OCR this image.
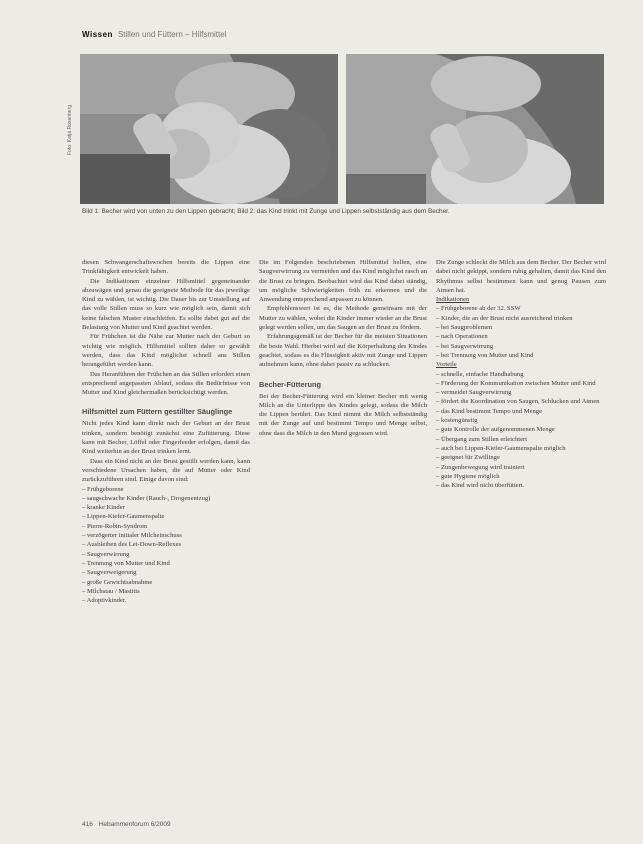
Wissen Stillen und Füttern – Hilfsmittel
Foto: Katja Rosenberg
Bild 1: Becher wird von unten zu den Lippen gebracht; Bild 2: das Kind trinkt mit Zunge und Lippen selbstständig aus dem Becher.

diesen Schwangerschaftswochen bereits die Lippen eine Trinkfähigkeit entwickelt haben.

Die Indikationen einzelner Hilfsmittel gegeneinander abzuwägen und genau die geeignete Methode für das jeweilige Kind zu wählen, ist wichtig. Die Dauer bis zur Umstellung auf das volle Stillen muss so kurz wie möglich sein, damit sich keine falschen Muster einschleifen. Es sollte dabei gut auf die Belastung von Mutter und Kind geachtet werden.

Für Frühchen ist die Nähe zur Mutter nach der Geburt so wichtig wie möglich. Hilfsmittel sollten daher so gewählt werden, dass das Kind möglichst schnell ans Stillen herangeführt werden kann.

Das Heranführen der Frühchen an das Stillen erfordert einen entsprechend angepassten Ablauf, sodass die Bedürfnisse von Mutter und Kind gleichermaßen berücksichtigt werden.

Hilfsmittel zum Füttern gestillter Säuglinge

Nicht jedes Kind kann direkt nach der Geburt an der Brust trinken, sondern benötigt zunächst eine Zufütterung. Diese kann mit Becher, Löffel oder Fingerfeeder erfolgen, damit das Kind weiterhin an der Brust trinken lernt.

Dass ein Kind nicht an der Brust gestillt werden kann, kann verschiedene Ursachen haben, die auf Mutter oder Kind zurückzuführen sind. Einige davon sind:

– Frühgeborene
– saugschwache Kinder (Rauch-, Drogenentzug)
– kranke Kinder
– Lippen-Kiefer-Gaumenspalte
– Pierre-Robin-Syndrom
– verzögerter initialer Milcheinschuss
– Ausbleiben des Let-Down-Reflexes
– Saugverwirrung
– Trennung von Mutter und Kind
– Saugverweigerung
– große Gewichtsabnahme
– Milchstau / Mastitis
– Adoptivkinder.

Die im Folgenden beschriebenen Hilfsmittel helfen, eine Saugverwirrung zu vermeiden und das Kind möglichst rasch an die Brust zu bringen. Beobachtet wird das Kind dabei ständig, um mögliche Schwierigkeiten früh zu erkennen und die Anwendung entsprechend anpassen zu können.

Empfehlenswert ist es, die Methode gemeinsam mit der Mutter zu wählen, wobei die Kinder immer wieder an die Brust gelegt werden sollen, um das Saugen an der Brust zu fördern.

Erfahrungsgemäß ist der Becher für die meisten Situationen die beste Wahl. Hierbei wird auf die Körperhaltung des Kindes geachtet, sodass es die Flüssigkeit aktiv mit Zunge und Lippen aufnehmen kann, ohne dabei passiv zu schlucken.

Becher-Fütterung

Bei der Becher-Fütterung wird ein kleiner Becher mit wenig Milch an die Unterlippe des Kindes gelegt, sodass die Milch die Lippen berührt. Das Kind nimmt die Milch selbstständig mit der Zunge auf und bestimmt Tempo und Menge selbst, ohne dass die Milch in den Mund gegossen wird.

Die Zunge schleckt die Milch aus dem Becher. Der Becher wird dabei nicht gekippt, sondern ruhig gehalten, damit das Kind den Rhythmus selbst bestimmen kann und genug Pausen zum Atmen hat.

Indikationen
– Frühgeborene ab der 32. SSW
– Kinder, die an der Brust nicht ausreichend trinken
– bei Saugproblemen
– nach Operationen
– bei Saugverwirrung
– bei Trennung von Mutter und Kind
Vorteile
– schnelle, einfache Handhabung
– Förderung der Kommunikation zwischen Mutter und Kind
– vermeidet Saugverwirrung
– fördert die Koordination von Saugen, Schlucken und Atmen
– das Kind bestimmt Tempo und Menge
– kostengünstig
– gute Kontrolle der aufgenommenen Menge
– Übergang zum Stillen erleichtert
– auch bei Lippen-Kiefer-Gaumenspalte möglich
– geeignet für Zwillinge
– Zungenbewegung wird trainiert
– gute Hygiene möglich
– das Kind wird nicht überfüttert.
416 Hebammenforum 6/2009
